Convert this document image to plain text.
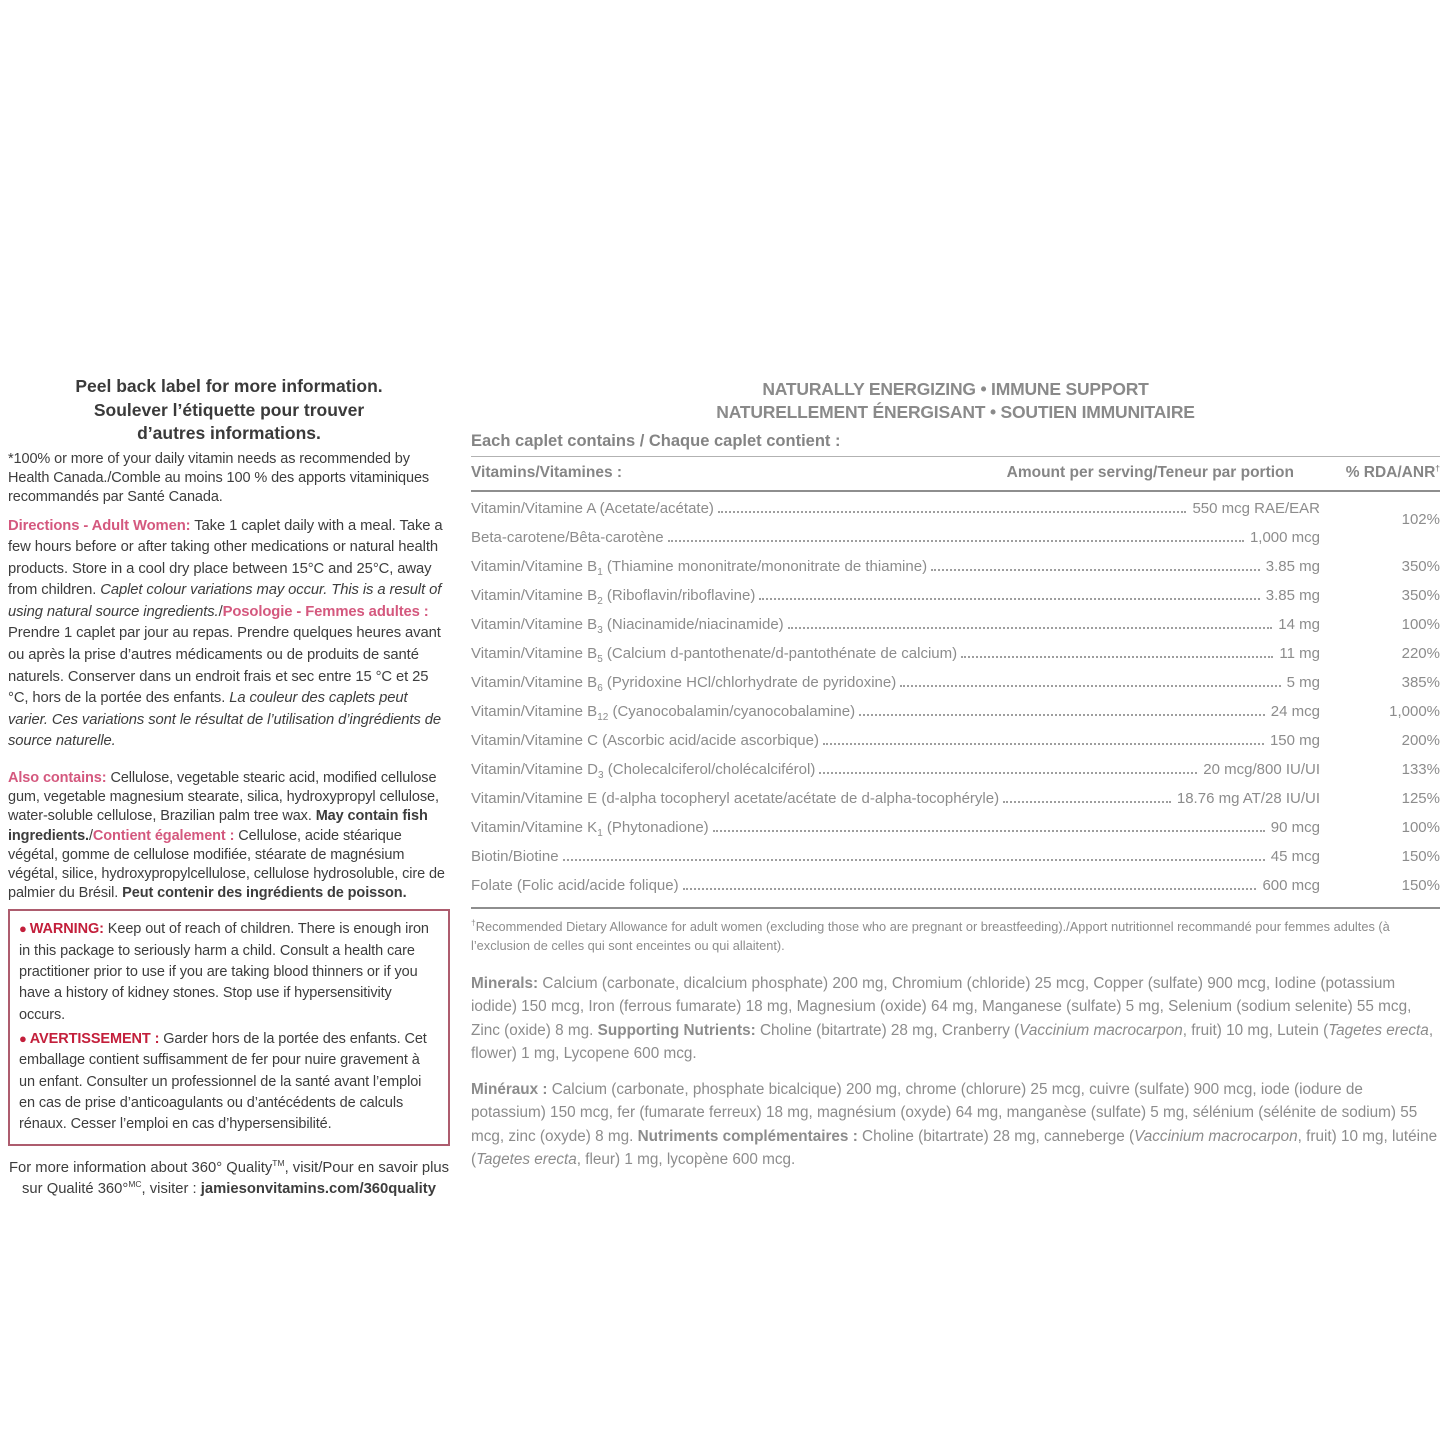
Peel back label for more information.
Soulever l’étiquette pour trouver
d’autres informations.

*100% or more of your daily vitamin needs as recommended by Health Canada./Comble au moins 100 % des apports vitaminiques recommandés par Santé Canada.

Directions - Adult Women: Take 1 caplet daily with a meal. Take a few hours before or after taking other medications or natural health products. Store in a cool dry place between 15°C and 25°C, away from children. Caplet colour variations may occur. This is a result of using natural source ingredients./Posologie - Femmes adultes : Prendre 1 caplet par jour au repas. Prendre quelques heures avant ou après la prise d’autres médicaments ou de produits de santé naturels. Conserver dans un endroit frais et sec entre 15 °C et 25 °C, hors de la portée des enfants. La couleur des caplets peut varier. Ces variations sont le résultat de l’utilisation d’ingrédients de source naturelle.

Also contains: Cellulose, vegetable stearic acid, modified cellulose gum, vegetable magnesium stearate, silica, hydroxypropyl cellulose, water-soluble cellulose, Brazilian palm tree wax. May contain fish ingredients./Contient également : Cellulose, acide stéarique végétal, gomme de cellulose modifiée, stéarate de magnésium végétal, silice, hydroxypropylcellulose, cellulose hydrosoluble, cire de palmier du Brésil. Peut contenir des ingrédients de poisson.

● WARNING: Keep out of reach of children. There is enough iron in this package to seriously harm a child. Consult a health care practitioner prior to use if you are taking blood thinners or if you have a history of kidney stones. Stop use if hypersensitivity occurs.

● AVERTISSEMENT : Garder hors de la portée des enfants. Cet emballage contient suffisamment de fer pour nuire gravement à un enfant. Consulter un professionnel de la santé avant l’emploi en cas de prise d’anticoagulants ou d’antécédents de calculs rénaux. Cesser l’emploi en cas d’hypersensibilité.

For more information about 360° Quality™, visit/Pour en savoir plus sur Qualité 360°$^{MC}$, visiter : jamiesonvitamins.com/360quality

NATURALLY ENERGIZING • IMMUNE SUPPORT
NATURELLEMENT ÉNERGISANT • SOUTIEN IMMUNITAIRE

Each caplet contains / Chaque caplet contient :

Vitamins/Vitamines :	Amount per serving/Teneur par portion	% RDA/ANR†
Vitamin/Vitamine A (Acetate/acétate)	550 mcg RAE/EAR
102%
Beta-carotene/Bêta-carotène	1,000 mcg
Vitamin/Vitamine $B_1$ (Thiamine mononitrate/mononitrate de thiamine)	3.85 mg	350%
Vitamin/Vitamine $B_2$ (Riboflavin/riboflavine)	3.85 mg	350%
Vitamin/Vitamine $B_3$ (Niacinamide/niacinamide)	14 mg	100%
Vitamin/Vitamine $B_5$ (Calcium d-pantothenate/d-pantothénate de calcium)	11 mg	220%
Vitamin/Vitamine $B_6$ (Pyridoxine HCl/chlorhydrate de pyridoxine)	5 mg	385%
Vitamin/Vitamine $B_{12}$ (Cyanocobalamin/cyanocobalamine)	24 mcg	1,000%
Vitamin/Vitamine C (Ascorbic acid/acide ascorbique)	150 mg	200%
Vitamin/Vitamine $D_3$ (Cholecalciferol/cholécalciférol)	20 mcg/800 IU/UI	133%
Vitamin/Vitamine E (d-alpha tocopheryl acetate/acétate de d-alpha-tocophéryle)	18.76 mg AT/28 IU/UI	125%
Vitamin/Vitamine $K_1$ (Phytonadione)	90 mcg	100%
Biotin/Biotine	45 mcg	150%
Folate (Folic acid/acide folique)	600 mcg	150%

†Recommended Dietary Allowance for adult women (excluding those who are pregnant or breastfeeding)./Apport nutritionnel recommandé pour femmes adultes (à l’exclusion de celles qui sont enceintes ou qui allaitent).

Minerals: Calcium (carbonate, dicalcium phosphate) 200 mg, Chromium (chloride) 25 mcg, Copper (sulfate) 900 mcg, Iodine (potassium iodide) 150 mcg, Iron (ferrous fumarate) 18 mg, Magnesium (oxide) 64 mg, Manganese (sulfate) 5 mg, Selenium (sodium selenite) 55 mcg, Zinc (oxide) 8 mg. Supporting Nutrients: Choline (bitartrate) 28 mg, Cranberry (Vaccinium macrocarpon, fruit) 10 mg, Lutein (Tagetes erecta, flower) 1 mg, Lycopene 600 mcg.

Minéraux : Calcium (carbonate, phosphate bicalcique) 200 mg, chrome (chlorure) 25 mcg, cuivre (sulfate) 900 mcg, iode (iodure de potassium) 150 mcg, fer (fumarate ferreux) 18 mg, magnésium (oxyde) 64 mg, manganèse (sulfate) 5 mg, sélénium (sélénite de sodium) 55 mcg, zinc (oxyde) 8 mg. Nutriments complémentaires : Choline (bitartrate) 28 mg, canneberge (Vaccinium macrocarpon, fruit) 10 mg, lutéine (Tagetes erecta, fleur) 1 mg, lycopène 600 mcg.
